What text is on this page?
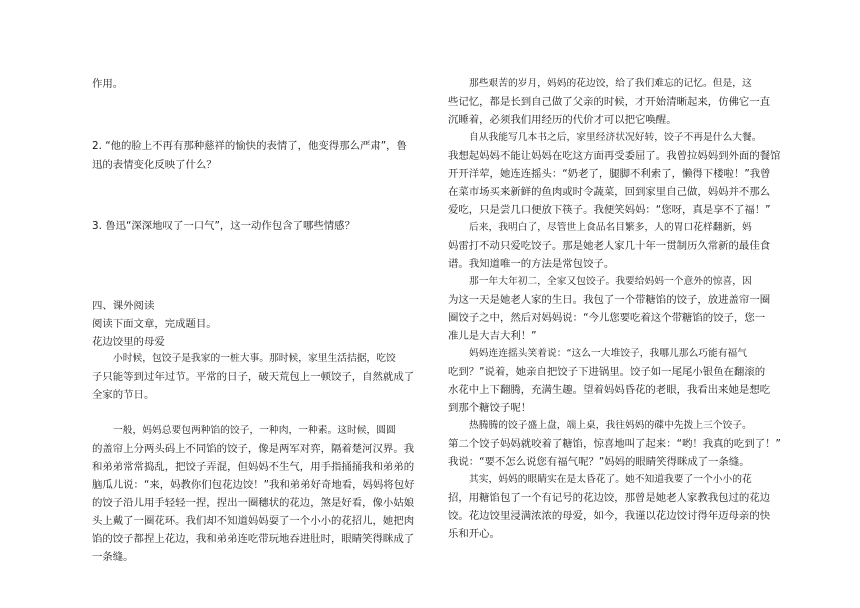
作用。

2. “他的脸上不再有那种慈祥的愉快的表情了，他变得那么严肃”，鲁

迅的表情变化反映了什么？

3. 鲁迅“深深地叹了一口气”，这一动作包含了哪些情感？

四、课外阅读

阅读下面文章，完成题目。

花边饺里的母爱

小时候，包饺子是我家的一桩大事。那时候，家里生活拮据，吃饺

子只能等到过年过节。平常的日子，破天荒包上一顿饺子，自然就成了

全家的节日。

一般，妈妈总要包两种馅的饺子，一种肉，一种素。这时候，圆圆

的盖帘上分两头码上不同馅的饺子，像是两军对弈，隔着楚河汉界。我

和弟弟常常捣乱，把饺子弄混，但妈妈不生气，用手指捅捅我和弟弟的

脑瓜儿说：“来，妈教你们包花边饺！”我和弟弟好奇地看，妈妈将包好

的饺子沿儿用手轻轻一捏，捏出一圈穗状的花边，煞是好看，像小姑娘

头上戴了一圈花环。我们却不知道妈妈耍了一个小小的花招儿，她把肉

馅的饺子都捏上花边，我和弟弟连吃带玩地吞进肚时，眼睛笑得眯成了

一条缝。

那些艰苦的岁月，妈妈的花边饺，给了我们难忘的记忆。但是，这

些记忆，都是长到自己做了父亲的时候，才开始清晰起来，仿佛它一直

沉睡着，必须我们用经历的代价才可以把它唤醒。

自从我能写几本书之后，家里经济状况好转，饺子不再是什么大餐。

我想起妈妈不能让妈妈在吃这方面再受委屈了。我曾拉妈妈到外面的餐馆

开开洋荤，她连连摇头：“奶老了，腿脚不利索了，懒得下楼啦！”我曾

在菜市场买来新鲜的鱼肉或时令蔬菜，回到家里自己做，妈妈并不那么

爱吃，只是尝几口便放下筷子。我便笑妈妈：“您呀，真是享不了福！”

后来，我明白了，尽管世上食品名目繁多，人的胃口花样翻新，妈

妈雷打不动只爱吃饺子。那是她老人家几十年一贯制历久常新的最佳食

谱。我知道唯一的方法是常包饺子。

那一年大年初二，全家又包饺子。我要给妈妈一个意外的惊喜，因

为这一天是她老人家的生日。我包了一个带糖馅的饺子，放进盖帘一圈

圈饺子之中，然后对妈妈说：“今儿您要吃着这个带糖馅的饺子，您一

准儿是大吉大利！”

妈妈连连摇头笑着说：“这么一大堆饺子，我哪儿那么巧能有福气

吃到？”说着，她亲自把饺子下进锅里。饺子如一尾尾小银鱼在翻滚的

水花中上下翻腾，充满生趣。望着妈妈昏花的老眼，我看出来她是想吃

到那个糖饺子呢！

热腾腾的饺子盛上盘，端上桌，我往妈妈的碟中先拨上三个饺子。

第二个饺子妈妈就咬着了糖馅，惊喜地叫了起来：“哟！我真的吃到了！”

我说：“要不怎么说您有福气呢？”妈妈的眼睛笑得眯成了一条缝。

其实，妈妈的眼睛实在是太昏花了。她不知道我要了一个小小的花

招，用糖馅包了一个有记号的花边饺，那曾是她老人家教我包过的花边

饺。花边饺里浸满浓浓的母爱，如今，我谨以花边饺讨得年迈母亲的快

乐和开心。
